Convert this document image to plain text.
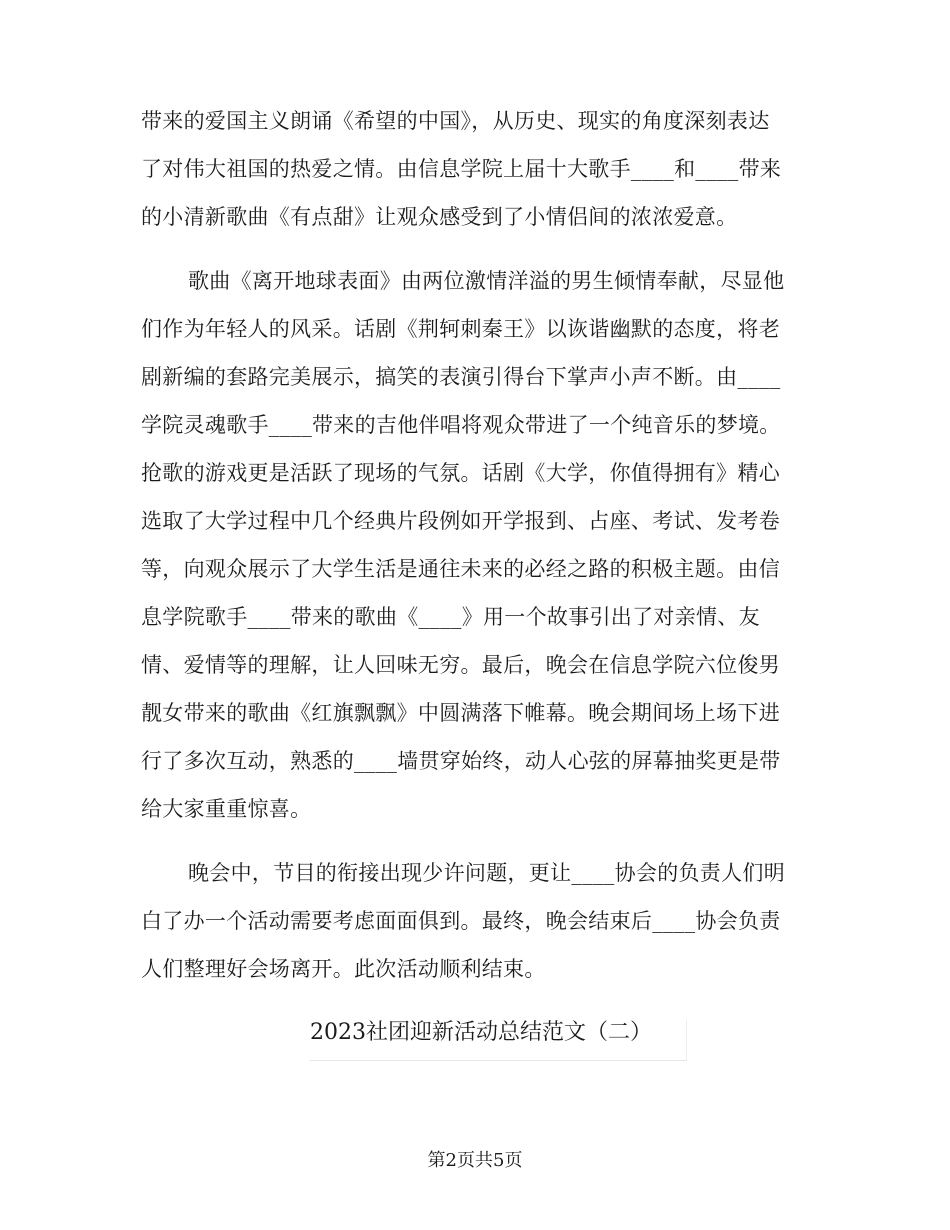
带来的爱国主义朗诵《希望的中国》，从历史、现实的角度深刻表达
了对伟大祖国的热爱之情。由信息学院上届十大歌手____和____带来
的小清新歌曲《有点甜》让观众感受到了小情侣间的浓浓爱意。
歌曲《离开地球表面》由两位激情洋溢的男生倾情奉献，尽显他
们作为年轻人的风采。话剧《荆轲刺秦王》以诙谐幽默的态度，将老
剧新编的套路完美展示，搞笑的表演引得台下掌声小声不断。由____
学院灵魂歌手____带来的吉他伴唱将观众带进了一个纯音乐的梦境。
抢歌的游戏更是活跃了现场的气氛。话剧《大学，你值得拥有》精心
选取了大学过程中几个经典片段例如开学报到、占座、考试、发考卷
等，向观众展示了大学生活是通往未来的必经之路的积极主题。由信
息学院歌手____带来的歌曲《____》用一个故事引出了对亲情、友
情、爱情等的理解，让人回味无穷。最后，晚会在信息学院六位俊男
靓女带来的歌曲《红旗飘飘》中圆满落下帷幕。晚会期间场上场下进
行了多次互动，熟悉的____墙贯穿始终，动人心弦的屏幕抽奖更是带
给大家重重惊喜。
晚会中，节目的衔接出现少许问题，更让____协会的负责人们明
白了办一个活动需要考虑面面俱到。最终，晚会结束后____协会负责
人们整理好会场离开。此次活动顺利结束。
2023社团迎新活动总结范文（二）
第2页共5页
